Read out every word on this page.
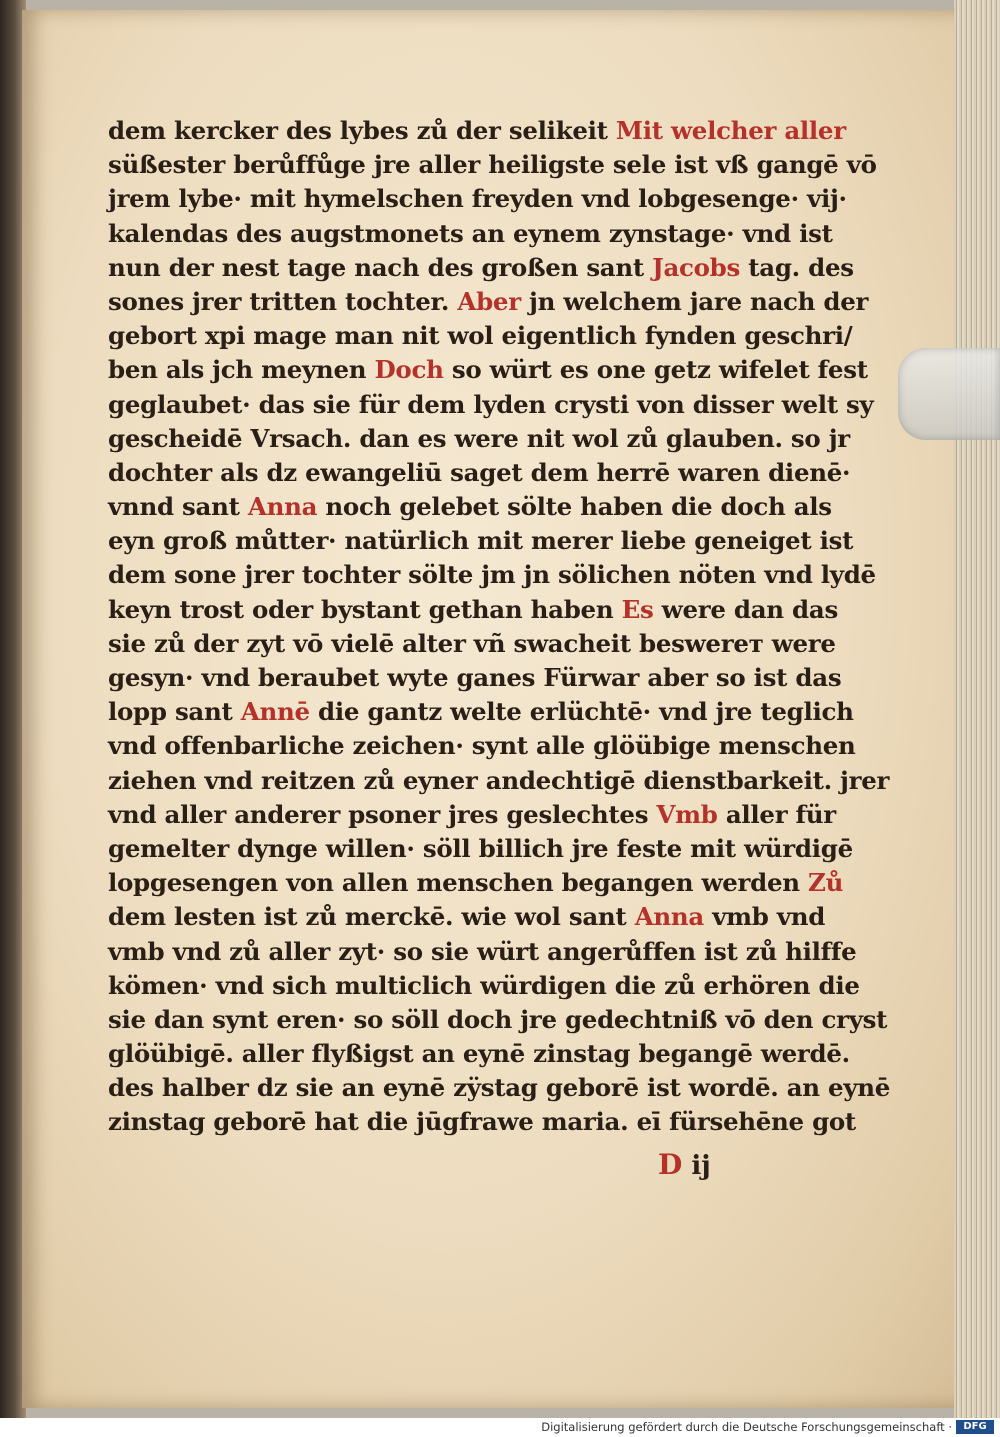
dem kercker des lybes zů der selikeit Mit welcher aller
süßester berůffůge jre aller heiligste sele ist vß gangē vō
jrem lybe· mit hymelschen freyden vnd lobgesenge· vij·
kalendas des augstmonets an eynem zynstage· vnd ist
nun der nest tage nach des großen sant Jacobs tag. des
sones jrer tritten tochter. Aber jn welchem jare nach der
gebort xpi mage man nit wol eigentlich fynden geschri/
ben als jch meynen Doch so würt es one getz wifelet fest
geglaubet· das sie für dem lyden crysti von disser welt sy
gescheidē Vrsach. dan es were nit wol zů glauben. so jr
dochter als dz ewangeliū saget dem herrē waren dienē·
vnnd sant Anna noch gelebet sölte haben die doch als
eyn groß můtter· natürlich mit merer liebe geneiget ist
dem sone jrer tochter sölte jm jn sölichen nöten vnd lydē
keyn trost oder bystant gethan haben Es were dan das
sie zů der zyt vō vielē alter vñ swacheit beswerет were
gesyn· vnd beraubet wyte ganes Fürwar aber so ist das
lopp sant Annē die gantz welte erlüchtē· vnd jre teglich
vnd offenbarliche zeichen· synt alle glöübige menschen
ziehen vnd reitzen zů eyner andechtigē dienstbarkeit. jrer
vnd aller anderer psoner jres geslechtes Vmb aller für
gemelter dynge willen· söll billich jre feste mit würdigē
lopgesengen von allen menschen begangen werden Zů
dem lesten ist zů merckē. wie wol sant Anna vmb vnd
vmb vnd zů aller zyt· so sie würt angerůffen ist zů hilffe
kömen· vnd sich multiclich würdigen die zů erhören die
sie dan synt eren· so söll doch jre gedechtniß vō den cryst
glöübigē. aller flyßigst an eynē zinstag begangē werdē.
des halber dz sie an eynē zÿstag geborē ist wordē. an eynē
zinstag geborē hat die jūgfrawe maria. eī fürsehēne got
D ij
Digitalisierung gefördert durch die Deutsche Forschungsgemeinschaft ·	DFG
